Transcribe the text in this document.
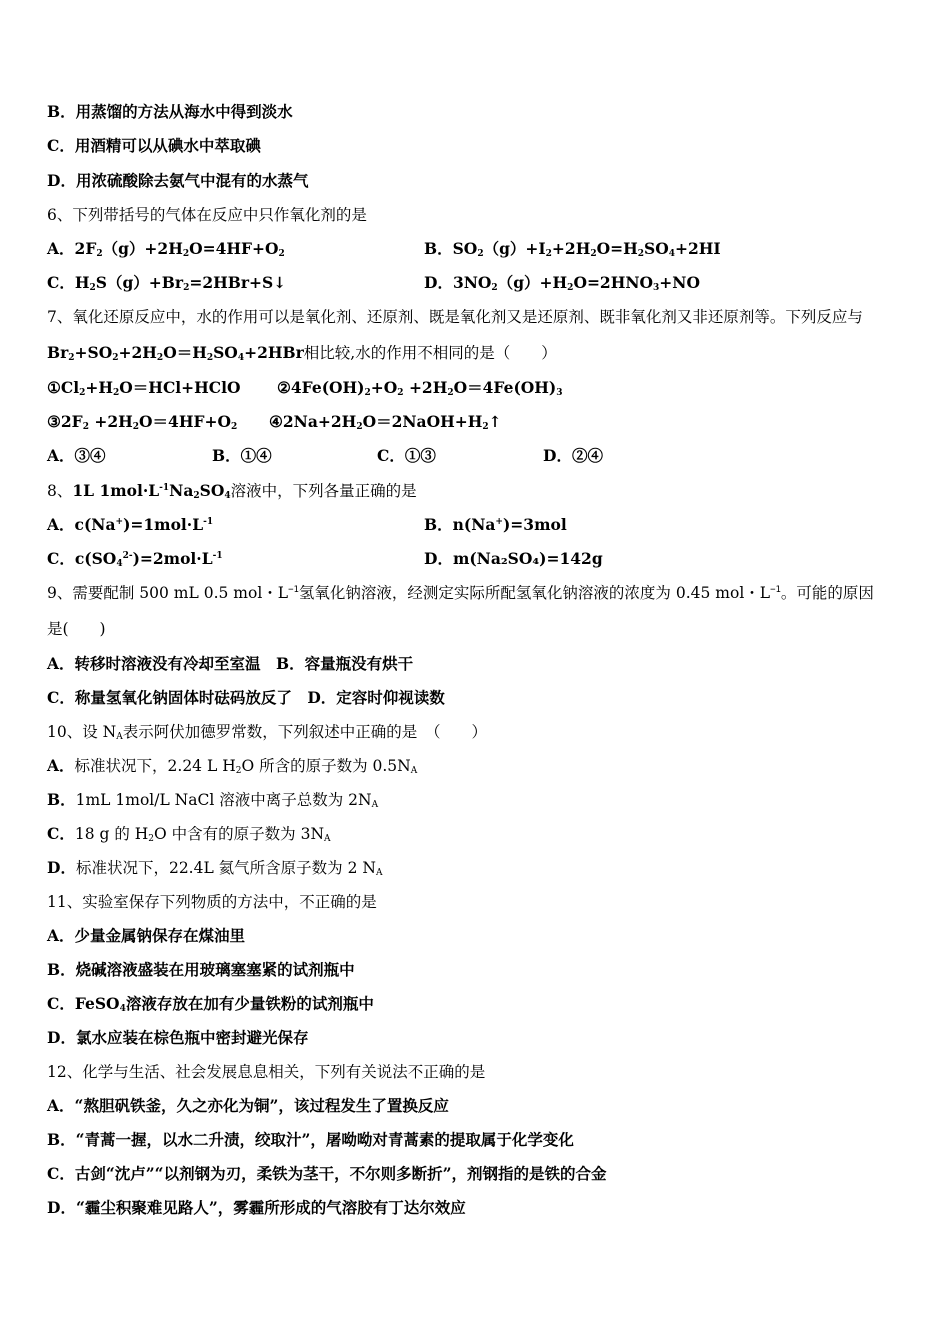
B．用蒸馏的方法从海水中得到淡水
C．用酒精可以从碘水中萃取碘
D．用浓硫酸除去氨气中混有的水蒸气
6、下列带括号的气体在反应中只作氧化剂的是
A．$2F_2(g)+2H_2O=4HF+O_2$	B．$SO_2(g)+I_2+2H_2O=H_2SO_4+2HI$
C．$H_2S(g)+Br_2=2HBr+S↓$	D．$3NO_2(g)+H_2O=2HNO_3+NO$
7、氧化还原反应中，水的作用可以是氧化剂、还原剂、既是氧化剂又是还原剂、既非氧化剂又非还原剂等。下列反应与
$Br_2+SO_2+2H_2O=H_2SO_4+2HBr$相比较,水的作用不相同的是（　　）
$①Cl_2+H_2O=HCl+HClO$ $②4Fe(OH)_2+O_2 +2H_2O=4Fe(OH)_3$
$③2F_2 +2H_2O=4HF+O_2$ $④2Na+2H_2O=2NaOH+H_2↑$
A．③④	B．①④	C．①③	D．②④
8、1L $1mol\cdot L^{-1}Na_2SO_4$溶液中，下列各量正确的是
A．$c(Na^+)=1mol\cdot L^{-1}$	B．n(Na+)=3mol
C．$c(SO_4^{2-})=2mol\cdot L^{-1}$	D．m(Na₂SO₄)=142g
9、需要配制 500 mL 0.5 mol・$L^{-1}$氢氧化钠溶液，经测定实际所配氢氧化钠溶液的浓度为 0.45 mol・$L^{-1}$。可能的原因
是(　　)
A．转移时溶液没有冷却至室温　B．容量瓶没有烘干
C．称量氢氧化钠固体时砝码放反了　D．定容时仰视读数
10、设 $N_A$表示阿伏加德罗常数，下列叙述中正确的是　（　　）
A．标准状况下，2.24 L $H_2O$ 所含的原子数为 $0.5N_A$
B．1mL 1mol/L NaCl 溶液中离子总数为 $2N_A$
C．18 g 的 $H_2O$ 中含有的原子数为 $3N_A$
D．标准状况下，22.4L 氦气所含原子数为 2 $N_A$
11、实验室保存下列物质的方法中，不正确的是
A．少量金属钠保存在煤油里
B．烧碱溶液盛装在用玻璃塞塞紧的试剂瓶中
C．FeSO$_4$溶液存放在加有少量铁粉的试剂瓶中
D．氯水应装在棕色瓶中密封避光保存
12、化学与生活、社会发展息息相关，下列有关说法不正确的是
A．“熬胆矾铁釜，久之亦化为铜”，该过程发生了置换反应
B．“青蒿一握，以水二升渍，绞取汁”，屠呦呦对青蒿素的提取属于化学变化
C．古剑“沈卢”“以剂钢为刃，柔铁为茎干，不尔则多断折”，剂钢指的是铁的合金
D．“霾尘积聚难见路人”，雾霾所形成的气溶胶有丁达尔效应
